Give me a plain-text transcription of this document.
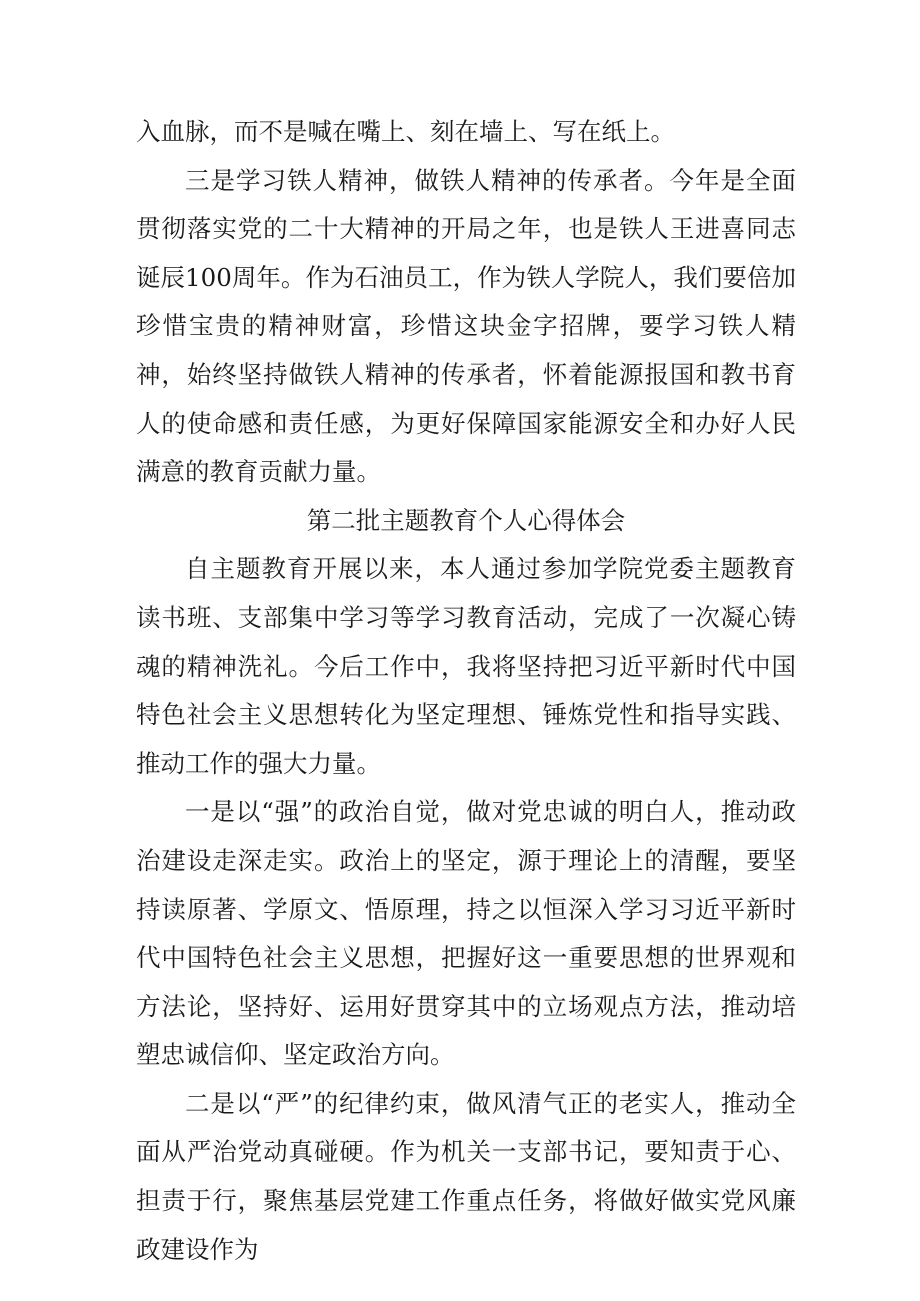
入血脉，而不是喊在嘴上、刻在墙上、写在纸上。

三是学习铁人精神，做铁人精神的传承者。今年是全面贯彻落实党的二十大精神的开局之年，也是铁人王进喜同志诞辰100周年。作为石油员工，作为铁人学院人，我们要倍加珍惜宝贵的精神财富，珍惜这块金字招牌，要学习铁人精神，始终坚持做铁人精神的传承者，怀着能源报国和教书育人的使命感和责任感，为更好保障国家能源安全和办好人民满意的教育贡献力量。

第二批主题教育个人心得体会

自主题教育开展以来，本人通过参加学院党委主题教育读书班、支部集中学习等学习教育活动，完成了一次凝心铸魂的精神洗礼。今后工作中，我将坚持把习近平新时代中国特色社会主义思想转化为坚定理想、锤炼党性和指导实践、推动工作的强大力量。

一是以“强”的政治自觉，做对党忠诚的明白人，推动政治建设走深走实。政治上的坚定，源于理论上的清醒，要坚持读原著、学原文、悟原理，持之以恒深入学习习近平新时代中国特色社会主义思想，把握好这一重要思想的世界观和方法论，坚持好、运用好贯穿其中的立场观点方法，推动培塑忠诚信仰、坚定政治方向。

二是以“严”的纪律约束，做风清气正的老实人，推动全面从严治党动真碰硬。作为机关一支部书记，要知责于心、担责于行，聚焦基层党建工作重点任务，将做好做实党风廉政建设作为
